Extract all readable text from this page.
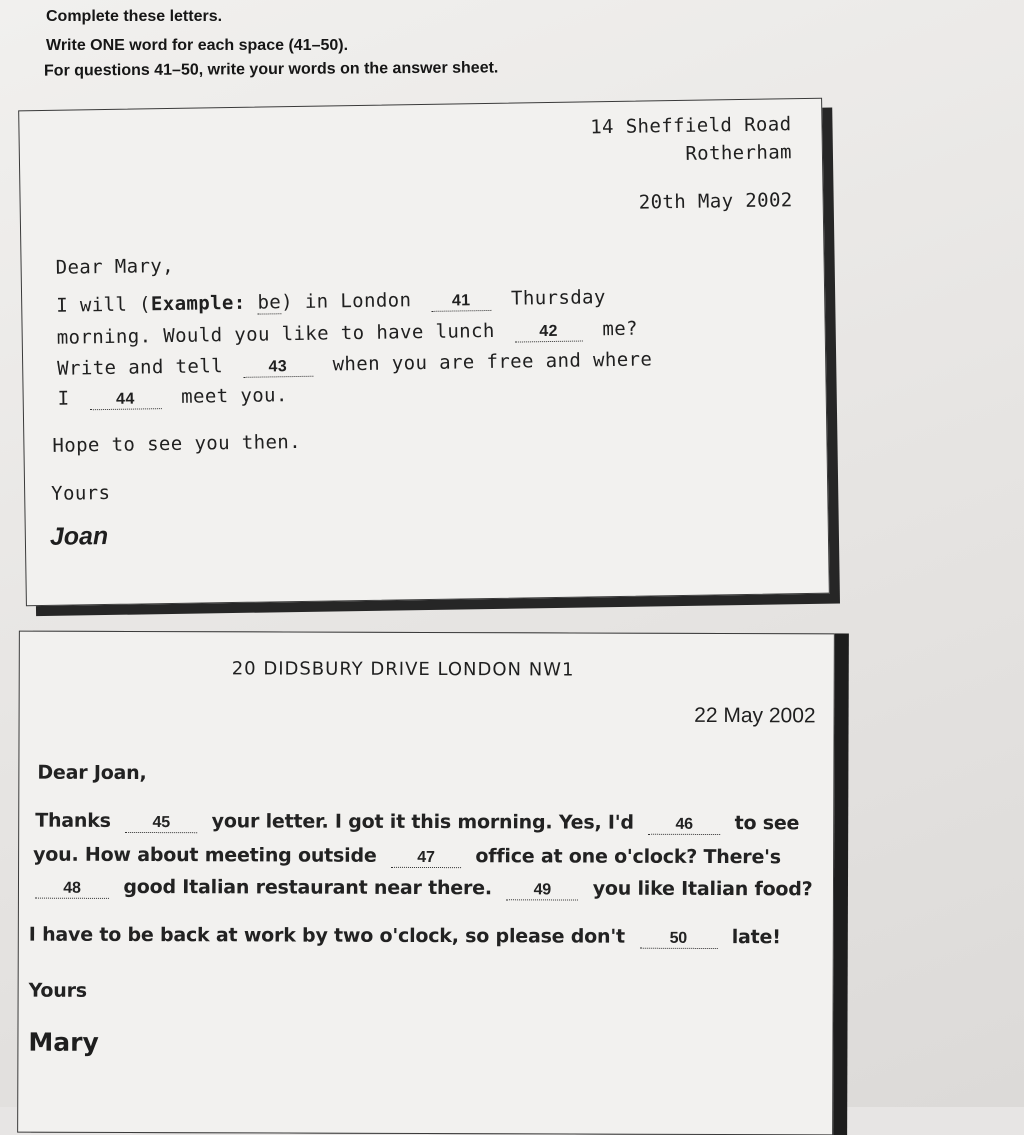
Complete these letters.
Write ONE word for each space (41–50).
For questions 41–50, write your words on the answer sheet.
14 Sheffield Road
Rotherham
20th May 2002
Dear Mary,
I will (Example: be) in London	41 Thursday
morning. Would you like to have lunch	42 me?
Write and tell	43 when you are free and where
I	44 meet you.
Hope to see you then.
Yours
Joan
20 DIDSBURY DRIVE LONDON NW1
22 May 2002
Dear Joan,
Thanks	45 your letter. I got it this morning. Yes, I'd	46 to see
you. How about meeting outside	47 office at one o'clock? There's
48 good Italian restaurant near there.	49 you like Italian food?
I have to be back at work by two o'clock, so please don't	50 late!
Yours
Mary
